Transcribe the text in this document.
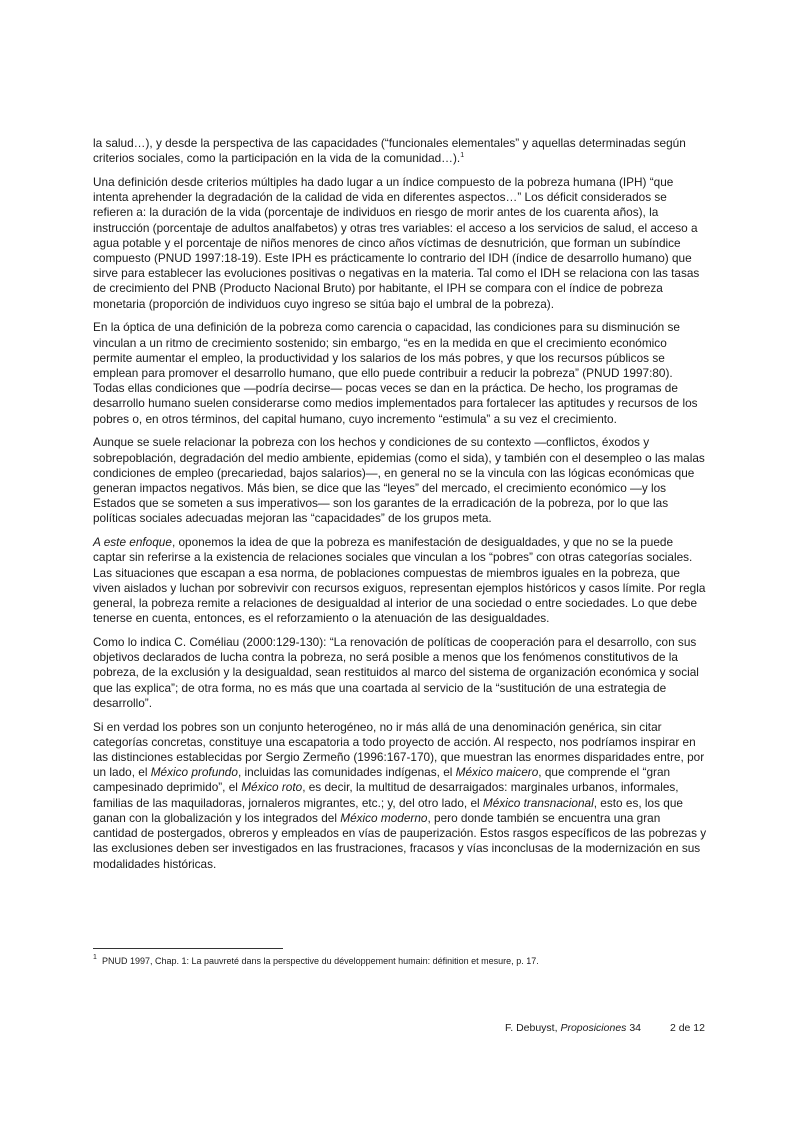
la salud…), y desde la perspectiva de las capacidades (“funcionales elementales” y aquellas determinadas según criterios sociales, como la participación en la vida de la comunidad…).$^1$

Una definición desde criterios múltiples ha dado lugar a un índice compuesto de la pobreza humana (IPH) “que intenta aprehender la degradación de la calidad de vida en diferentes aspectos…” Los déficit considerados se refieren a: la duración de la vida (porcentaje de individuos en riesgo de morir antes de los cuarenta años), la instrucción (porcentaje de adultos analfabetos) y otras tres variables: el acceso a los servicios de salud, el acceso a agua potable y el porcentaje de niños menores de cinco años víctimas de desnutrición, que forman un subíndice compuesto (PNUD 1997:18-19). Este IPH es prácticamente lo contrario del IDH (índice de desarrollo humano) que sirve para establecer las evoluciones positivas o negativas en la materia. Tal como el IDH se relaciona con las tasas de crecimiento del PNB (Producto Nacional Bruto) por habitante, el IPH se compara con el índice de pobreza monetaria (proporción de individuos cuyo ingreso se sitúa bajo el umbral de la pobreza).

En la óptica de una definición de la pobreza como carencia o capacidad, las condiciones para su disminución se vinculan a un ritmo de crecimiento sostenido; sin embargo, “es en la medida en que el crecimiento económico permite aumentar el empleo, la productividad y los salarios de los más pobres, y que los recursos públicos se emplean para promover el desarrollo humano, que ello puede contribuir a reducir la pobreza” (PNUD 1997:80). Todas ellas condiciones que —podría decirse— pocas veces se dan en la práctica. De hecho, los programas de desarrollo humano suelen considerarse como medios implementados para fortalecer las aptitudes y recursos de los pobres o, en otros términos, del capital humano, cuyo incremento “estimula” a su vez el crecimiento.

Aunque se suele relacionar la pobreza con los hechos y condiciones de su contexto —conflictos, éxodos y sobrepoblación, degradación del medio ambiente, epidemias (como el sida), y también con el desempleo o las malas condiciones de empleo (precariedad, bajos salarios)—, en general no se la vincula con las lógicas económicas que generan impactos negativos. Más bien, se dice que las “leyes” del mercado, el crecimiento económico —y los Estados que se someten a sus imperativos— son los garantes de la erradicación de la pobreza, por lo que las políticas sociales adecuadas mejoran las “capacidades” de los grupos meta.

A este enfoque, oponemos la idea de que la pobreza es manifestación de desigualdades, y que no se la puede captar sin referirse a la existencia de relaciones sociales que vinculan a los “pobres” con otras categorías sociales. Las situaciones que escapan a esa norma, de poblaciones compuestas de miembros iguales en la pobreza, que viven aislados y luchan por sobrevivir con recursos exiguos, representan ejemplos históricos y casos límite. Por regla general, la pobreza remite a relaciones de desigualdad al interior de una sociedad o entre sociedades. Lo que debe tenerse en cuenta, entonces, es el reforzamiento o la atenuación de las desigualdades.

Como lo indica C. Coméliau (2000:129-130): “La renovación de políticas de cooperación para el desarrollo, con sus objetivos declarados de lucha contra la pobreza, no será posible a menos que los fenómenos constitutivos de la pobreza, de la exclusión y la desigualdad, sean restituidos al marco del sistema de organización económica y social que las explica”; de otra forma, no es más que una coartada al servicio de la “sustitución de una estrategia de desarrollo”.

Si en verdad los pobres son un conjunto heterogéneo, no ir más allá de una denominación genérica, sin citar categorías concretas, constituye una escapatoria a todo proyecto de acción. Al respecto, nos podríamos inspirar en las distinciones establecidas por Sergio Zermeño (1996:167-170), que muestran las enormes disparidades entre, por un lado, el México profundo, incluidas las comunidades indígenas, el México maicero, que comprende el “gran campesinado deprimido”, el México roto, es decir, la multitud de desarraigados: marginales urbanos, informales, familias de las maquiladoras, jornaleros migrantes, etc.; y, del otro lado, el México transnacional, esto es, los que ganan con la globalización y los integrados del México moderno, pero donde también se encuentra una gran cantidad de postergados, obreros y empleados en vías de pauperización. Estos rasgos específicos de las pobrezas y las exclusiones deben ser investigados en las frustraciones, fracasos y vías inconclusas de la modernización en sus modalidades históricas.

$^1$ PNUD 1997, Chap. 1: La pauvreté dans la perspective du développement humain: définition et mesure, p. 17.
F. Debuyst, Proposiciones 34	2 de 12
